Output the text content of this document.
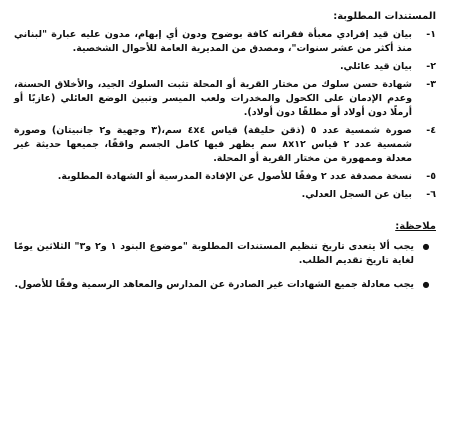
المستندات المطلوبة:
١-
بيان قيد إفرادي معبأة فقراته كافة بوضوح ودون أي إبهام، مدون عليه عبارة "لبناني منذ أكثر من عشر سنوات"، ومصدق من المديرية العامة للأحوال الشخصية.
٢-
بيان قيد عائلي.
٣-
شهادة حسن سلوك من مختار القرية أو المحلة تثبت السلوك الجيد، والأخلاق الحسنة، وعدم الإدمان على الكحول والمخدرات ولعب الميسر وتبين الوضع العائلي (عازبًا أو أرملًا دون أولاد أو مطلقًا دون أولاد).
٤-
صورة شمسية عدد ٥ (ذقن حليقة) قياس ٤x٤ سم،(٣ وجهية و٢ جانبيتان) وصورة شمسية عدد ٢ قياس ٨x١٢ سم يظهر فيها كامل الجسم واقفًا، جميعها حديثة غير معدلة وممهورة من مختار القرية أو المحلة.
٥-
نسخة مصدقة عدد ٢ وفقًا للأصول عن الإفادة المدرسية أو الشهادة المطلوبة.
٦-
بيان عن السجل العدلي.
ملاحظة:
●
يجب ألا يتعدى تاريخ تنظيم المستندات المطلوبة "موضوع البنود ١ و٢ و٣" الثلاثين يومًا لغاية تاريخ تقديم الطلب.
●
يجب معادلة جميع الشهادات غير الصادرة عن المدارس والمعاهد الرسمية وفقًا للأصول.
